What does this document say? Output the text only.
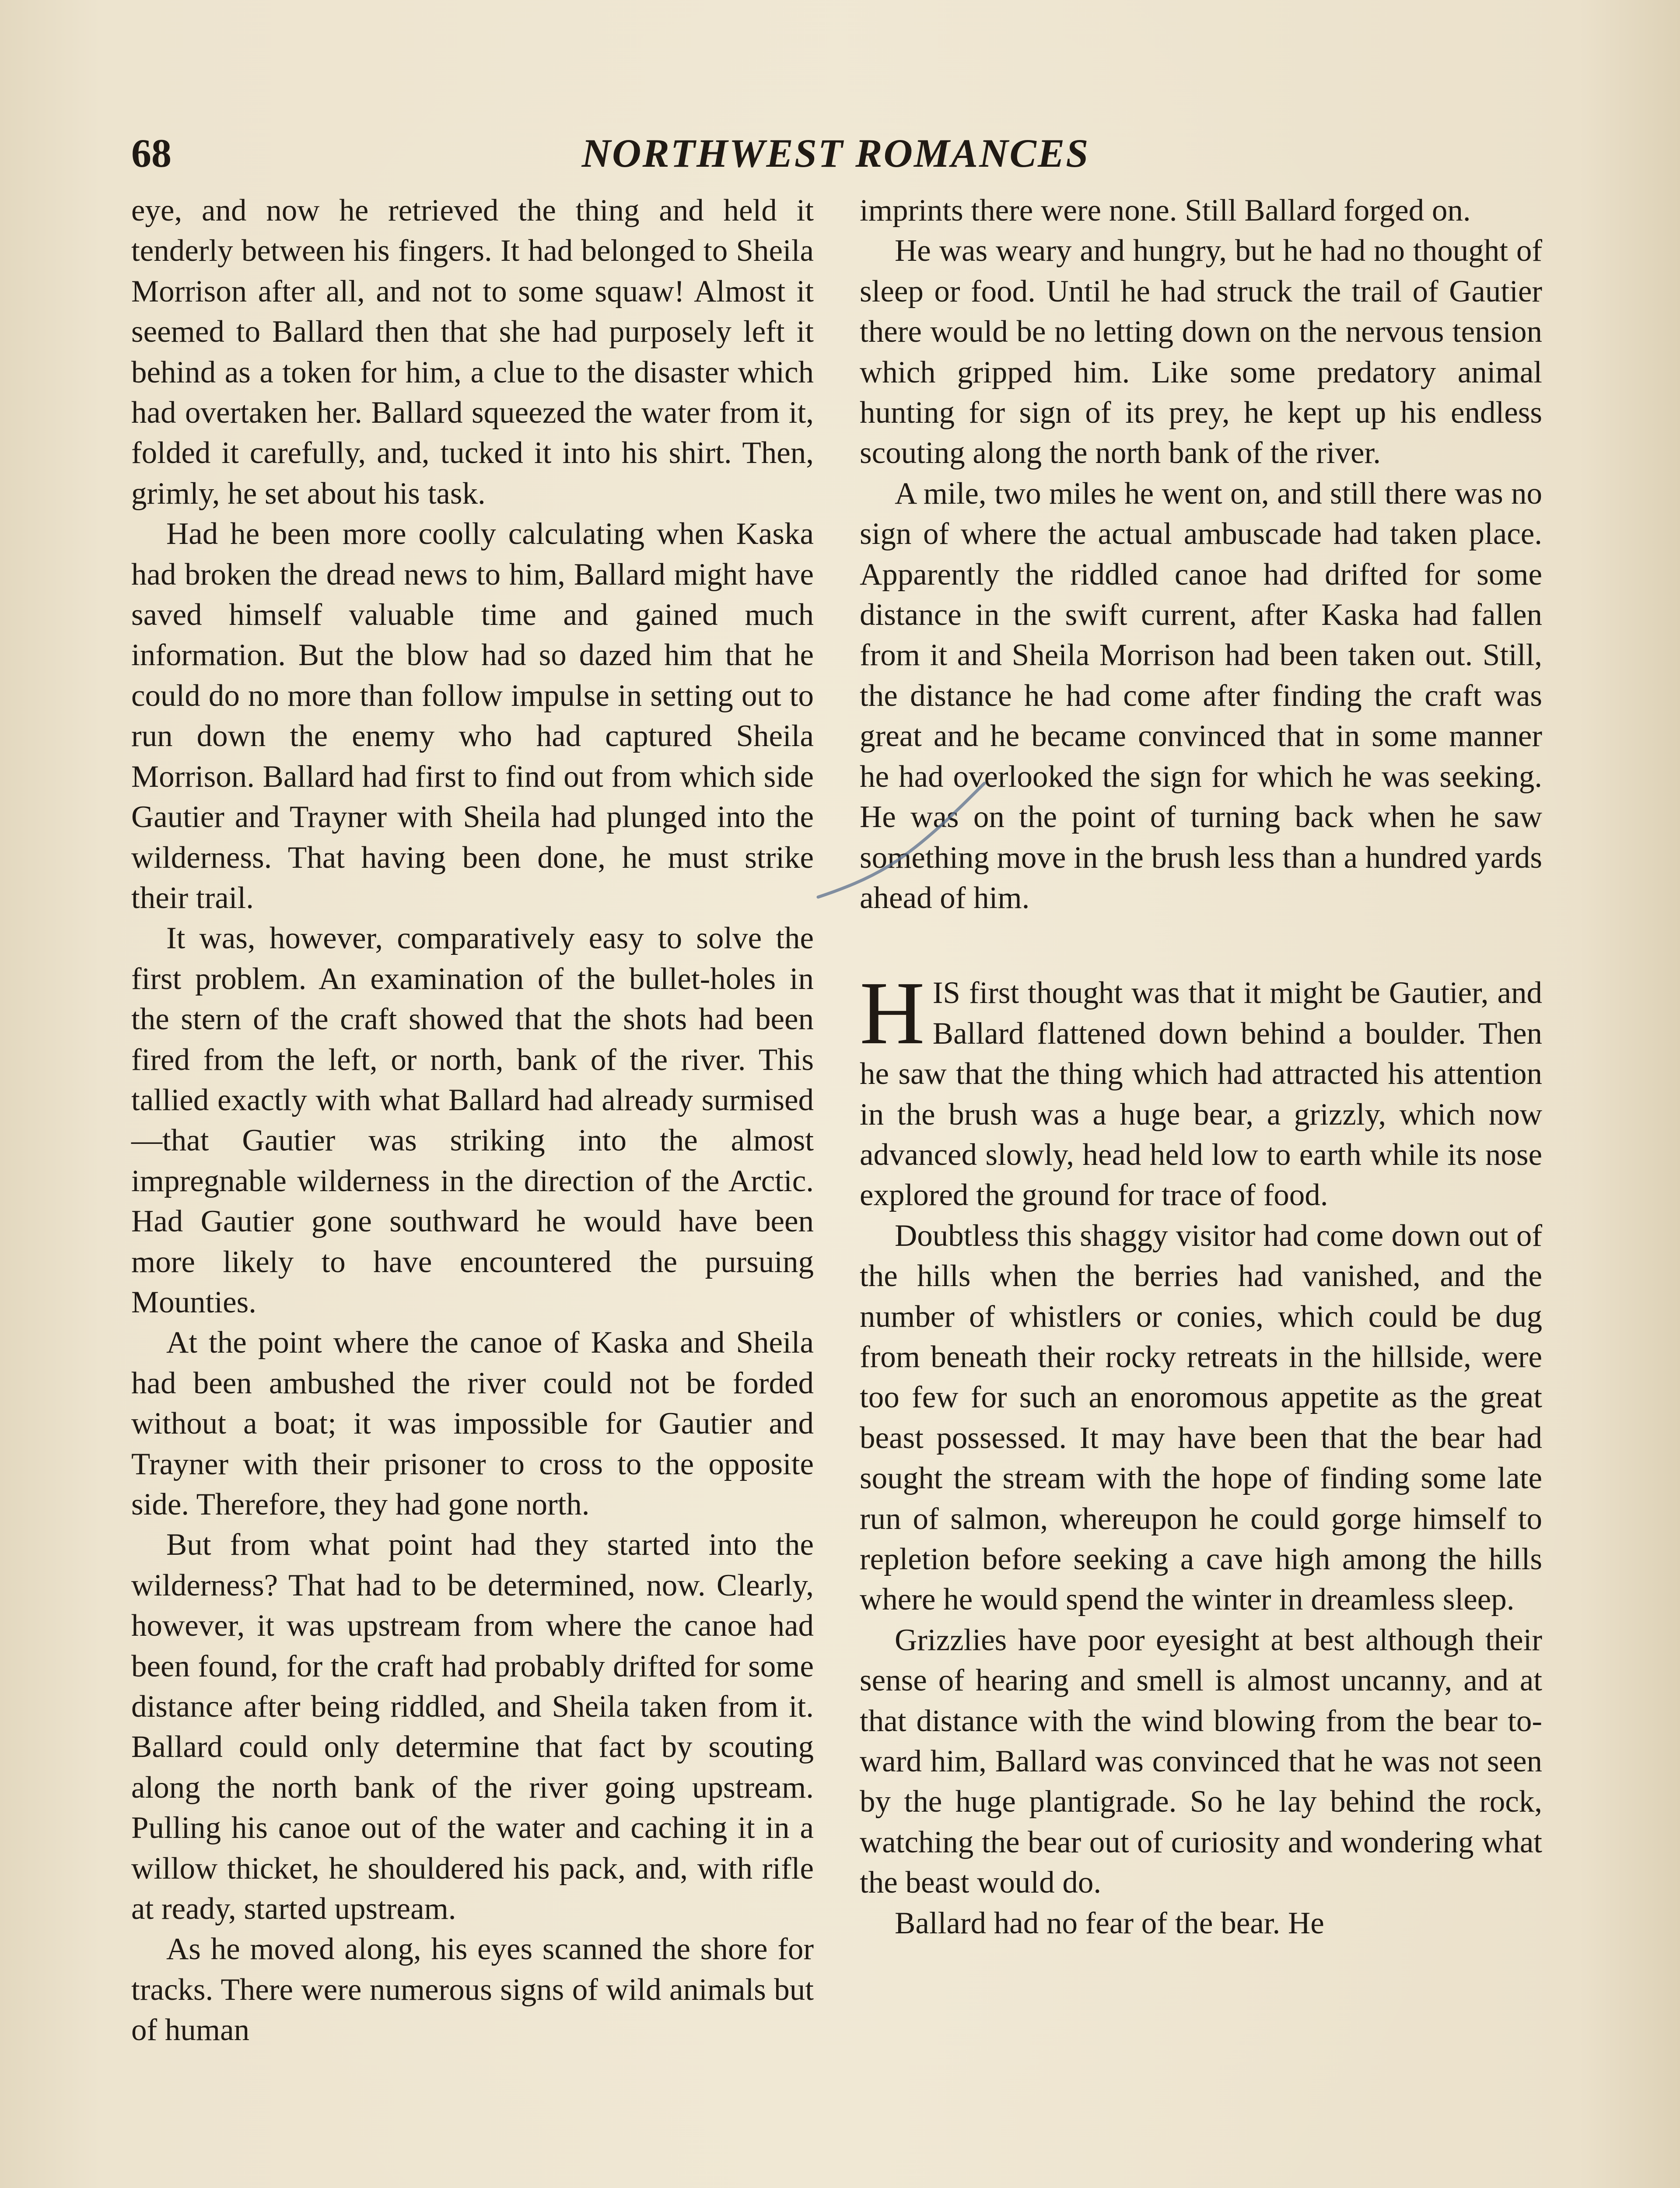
68	NORTHWEST ROMANCES

eye, and now he retrieved the thing and held it tenderly between his fingers. It had belonged to Sheila Morrison after all, and not to some squaw! Almost it seemed to Ballard then that she had purposely left it behind as a token for him, a clue to the disaster which had overtaken her. Ballard squeezed the water from it, folded it carefully, and, tucked it into his shirt. Then, grimly, he set about his task.

Had he been more coolly calculating when Kaska had broken the dread news to him, Ballard might have saved himself valuable time and gained much information. But the blow had so dazed him that he could do no more than follow impulse in setting out to run down the enemy who had captured Sheila Morrison. Ballard had first to find out from which side Gautier and Trayner with Sheila had plunged into the wilderness. That having been done, he must strike their trail.

It was, however, comparatively easy to solve the first problem. An examination of the bullet-holes in the stern of the craft showed that the shots had been fired from the left, or north, bank of the river. This tallied exactly with what Ballard had already surmised—that Gautier was striking into the almost impregnable wilderness in the direction of the Arctic. Had Gautier gone southward he would have been more likely to have encountered the pursuing Mounties.

At the point where the canoe of Kaska and Sheila had been ambushed the river could not be forded without a boat; it was impossible for Gautier and Trayner with their prisoner to cross to the opposite side. Therefore, they had gone north.

But from what point had they started into the wilderness? That had to be determined, now. Clearly, however, it was upstream from where the canoe had been found, for the craft had probably drifted for some distance after being riddled, and Sheila taken from it. Ballard could only determine that fact by scouting along the north bank of the river going upstream. Pulling his canoe out of the water and caching it in a willow thicket, he shouldered his pack, and, with rifle at ready, started upstream.

As he moved along, his eyes scanned the shore for tracks. There were numerous signs of wild animals but of human

imprints there were none. Still Ballard forged on.

He was weary and hungry, but he had no thought of sleep or food. Until he had struck the trail of Gautier there would be no letting down on the nervous tension which gripped him. Like some predatory animal hunting for sign of its prey, he kept up his endless scouting along the north bank of the river.

A mile, two miles he went on, and still there was no sign of where the actual ambuscade had taken place. Apparently the riddled canoe had drifted for some distance in the swift current, after Kaska had fallen from it and Sheila Morrison had been taken out. Still, the distance he had come after finding the craft was great and he became convinced that in some manner he had overlooked the sign for which he was seeking. He was on the point of turning back when he saw something move in the brush less than a hundred yards ahead of him.

HIS first thought was that it might be Gautier, and Ballard flattened down behind a boulder. Then he saw that the thing which had attracted his attention in the brush was a huge bear, a grizzly, which now advanced slowly, head held low to earth while its nose explored the ground for trace of food.

Doubtless this shaggy visitor had come down out of the hills when the berries had vanished, and the number of whistlers or conies, which could be dug from beneath their rocky retreats in the hillside, were too few for such an enoromous appetite as the great beast possessed. It may have been that the bear had sought the stream with the hope of finding some late run of salmon, whereupon he could gorge himself to repletion before seeking a cave high among the hills where he would spend the winter in dreamless sleep.

Grizzlies have poor eyesight at best although their sense of hearing and smell is almost uncanny, and at that distance with the wind blowing from the bear toward him, Ballard was convinced that he was not seen by the huge plantigrade. So he lay behind the rock, watching the bear out of curiosity and wondering what the beast would do.

Ballard had no fear of the bear. He
